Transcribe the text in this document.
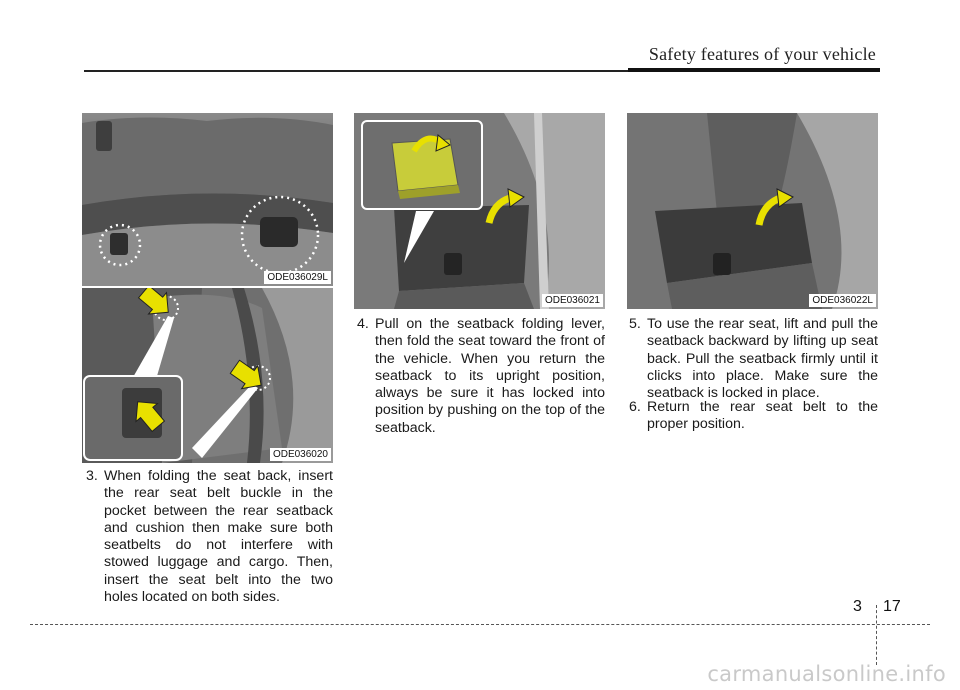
Safety features of your vehicle
ODE036029L
ODE036020
ODE036021	ODE036022L
3. When folding the seat back, insert the rear seat belt buckle in the pocket between the rear seatback and cushion then make sure both seatbelts do not interfere with stowed luggage and cargo. Then, insert the seat belt into the two holes located on both sides.
4. Pull on the seatback folding lever, then fold the seat toward the front of the vehicle. When you return the seatback to its upright position, always be sure it has locked into position by pushing on the top of the seatback.
5. To use the rear seat, lift and pull the seatback backward by lifting up seat back. Pull the seatback firmly until it clicks into place. Make sure the seatback is locked in place.
6. Return the rear seat belt to the proper position.
3 17
carmanualsonline.info
